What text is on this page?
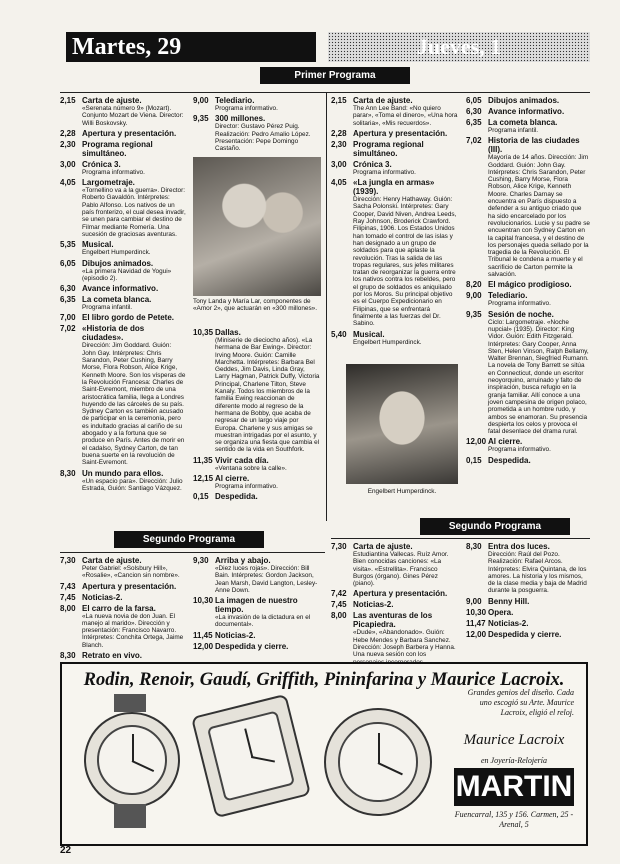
Martes, 29	Jueves, 1
Primer Programa
2,15 Carta de ajuste.
«Serenata número 9» (Mozart). Conjunto Mozart de Viena. Director: Willi Boskovsky.
2,28 Apertura y presentación.
2,30 Programa regional simultáneo.
3,00 Crónica 3.
Programa informativo.
4,05 Largometraje.
«Tornellino va a la guerra». Director: Roberto Gavaldón. Intérpretes: Pablo Alfonso. Los nativos de un país fronterizo, el cual desea invadir, se unen para cambiar el destino de Filmar mediante Romería. Una sucesión de graciosas aventuras.
5,35 Musical.
Engelbert Humperdinck.
6,05 Dibujos animados.
«La primera Navidad de Yogui» (episodio 2).
6,30 Avance informativo.
6,35 La cometa blanca.
Programa infantil.
7,00 El libro gordo de Petete.
7,02 «Historia de dos ciudades».
Dirección: Jim Goddard. Guión: John Gay. Intérpretes: Chris Sarandon, Peter Cushing, Barry Morse, Flora Robson, Alice Krige, Kenneth Moore. Son los vísperas de la Revolución Francesa: Charles de Saint-Evremont, miembro de una aristocrática familia, llega a Londres huyendo de las cárceles de su país. Sydney Carton es también acusado de participar en la ceremonia, pero es indultado gracias al cariño de su abogado y a la fortuna que se produce en París. Antes de morir en el cadalso, Sydney Carton, de tan buena suerte en la revolución de Saint-Evremont.
8,30 Un mundo para ellos.
«Un espacio para». Dirección: Julio Estrada, Guión: Santiago Vázquez.
9,00 Telediario.
Programa informativo.
9,35 300 millones.
Director: Gustavo Pérez Puig. Realización: Pedro Amalio López. Presentación: Pepe Domingo Castaño.
Tony Landa y María Lar, componentes de «Amor 2», que actuarán en «300 millones».
10,35 Dallas.
(Miniserie de dieciocho años). «La hermana de Bar Ewing». Director: Irving Moore. Guión: Camille Marchetta. Intérpretes: Barbara Bel Geddes, Jim Davis, Linda Gray, Larry Hagman, Patrick Duffy, Victoria Principal, Charlene Tilton, Steve Kanaly. Todos los miembros de la familia Ewing reaccionan de diferente modo al regreso de la hermana de Bobby, que acaba de regresar de un largo viaje por Europa. Charlene y sus amigas se muestran intrigadas por el asunto, y se organiza una fiesta que cambia el sentido de la vida en Southfork.
11,35 Vivir cada día.
«Ventana sobre la calle».
12,15 Al cierre.
Programa informativo.
0,15 Despedida.
2,15 Carta de ajuste.
The Ann Lee Band: «No quiero parar», «Toma el dinero», «Una hora solitaria», «Mis recuerdos».
2,28 Apertura y presentación.
2,30 Programa regional simultáneo.
3,00 Crónica 3.
Programa informativo.
4,05 «La jungla en armas» (1939).
Dirección: Henry Hathaway. Guión: Sacha Polonski. Intérpretes: Gary Cooper, David Niven, Andrea Leeds, Ray Johnson, Broderick Crawford. Filipinas, 1906. Los Estados Unidos han tomado el control de las islas y han designado a un grupo de soldados para que aplaste la revolución. Tras la salida de las tropas regulares, sus jefes militares tratan de reorganizar la guerra entre los nativos contra los rebeldes, pero el grupo de soldados es aniquilado por los Moros. Su principal objetivo es el Cuerpo Expedicionario en Filipinas, que se enfrentará finalmente a las fuerzas del Dr. Sabino.
5,40 Musical.
Engelbert Humperdinck.
Engelbert Humperdinck.
6,05 Dibujos animados.
6,30 Avance informativo.
6,35 La cometa blanca.
Programa infantil.
7,02 Historia de las ciudades (III).
Mayoría de 14 años. Dirección: Jim Goddard. Guión: John Gay. Intérpretes: Chris Sarandon, Peter Cushing, Barry Morse, Flora Robson, Alice Krige, Kenneth Moore. Charles Darnay se encuentra en París dispuesto a defender a su antiguo criado que ha sido encarcelado por los revolucionarios. Lucie y su padre se encuentran con Sydney Carton en la capital francesa, y el destino de los personajes queda sellado por la tragedia de la Revolución. El Tribunal le condena a muerte y el sacrificio de Carton permite la salvación.
8,20 El mágico prodigioso.
9,00 Telediario.
Programa informativo.
9,35 Sesión de noche.
Ciclo: Largometraje. «Noche nupcial» (1935). Director: King Vidor. Guión: Edith Fitzgerald. Intérpretes: Gary Cooper, Anna Sten, Helen Vinson, Ralph Bellamy, Walter Brennan, Siegfried Rumann. La novela de Tony Barrett se sitúa en Connecticut, donde un escritor neoyorquino, arruinado y falto de inspiración, busca refugio en la granja familiar. Allí conoce a una joven campesina de origen polaco, prometida a un hombre rudo, y ambos se enamoran. Su presencia despierta los celos y provoca el fatal desenlace del drama rural.
12,00 Al cierre.
Programa informativo.
0,15 Despedida.
Segundo Programa
Segundo Programa
7,30 Carta de ajuste.
Peter Gabriel: «Solsbury Hill», «Rosalie», «Cancion sin nombre».
7,43 Apertura y presentación.
7,45 Noticias-2.
8,00 El carro de la farsa.
«La nueva novia de don Juan. El manejo al marido». Dirección y presentación: Francisco Navarro. Intérpretes: Conchita Ortega, Jaime Blanch.
8,30 Retrato en vivo.
9,30 Arriba y abajo.
«Diez luces rojas». Dirección: Bill Bain. Intérpretes: Gordon Jackson, Jean Marsh, David Langton, Lesley-Anne Down.
10,30 La imagen de nuestro tiempo.
«La invasión de la dictadura en el documental».
11,45 Noticias-2.
12,00 Despedida y cierre.
7,30 Carta de ajuste.
Estudiantina Vallecas. Ruíz Amor. Bien conocidas canciones: «La visita». «Estrellita». Francisco Burgos (órgano). Gines Pérez (piano).
7,42 Apertura y presentación.
7,45 Noticias-2.
8,00 Las aventuras de los Picapiedra.
«Dude», «Abandonado». Guión: Hebe Mendes y Barbara Sanchez. Dirección: Joseph Barbera y Hanna. Una nueva sesión con los
8,30 Entra dos luces.
Dirección: Raúl del Pozo. Realización: Rafael Arcos. Intérpretes: Elvira Quintana, de los amores. La historia y los mismos, de la clase media y baja de Madrid durante la posguerra.
9,00 Benny Hill.
10,30 Opera.
11,47 Noticias-2.
12,00 Despedida y cierre.
Rodin, Renoir, Gaudí, Griffith, Pininfarina y Maurice Lacroix.
Grandes genios del diseño. Cada uno escogió su Arte. Maurice Lacroix, eligió el reloj.
Maurice Lacroix
en Joyería-Relojería
MARTIN
Fuencarral, 135 y 156. Carmen, 25 - Arenal, 5
22
